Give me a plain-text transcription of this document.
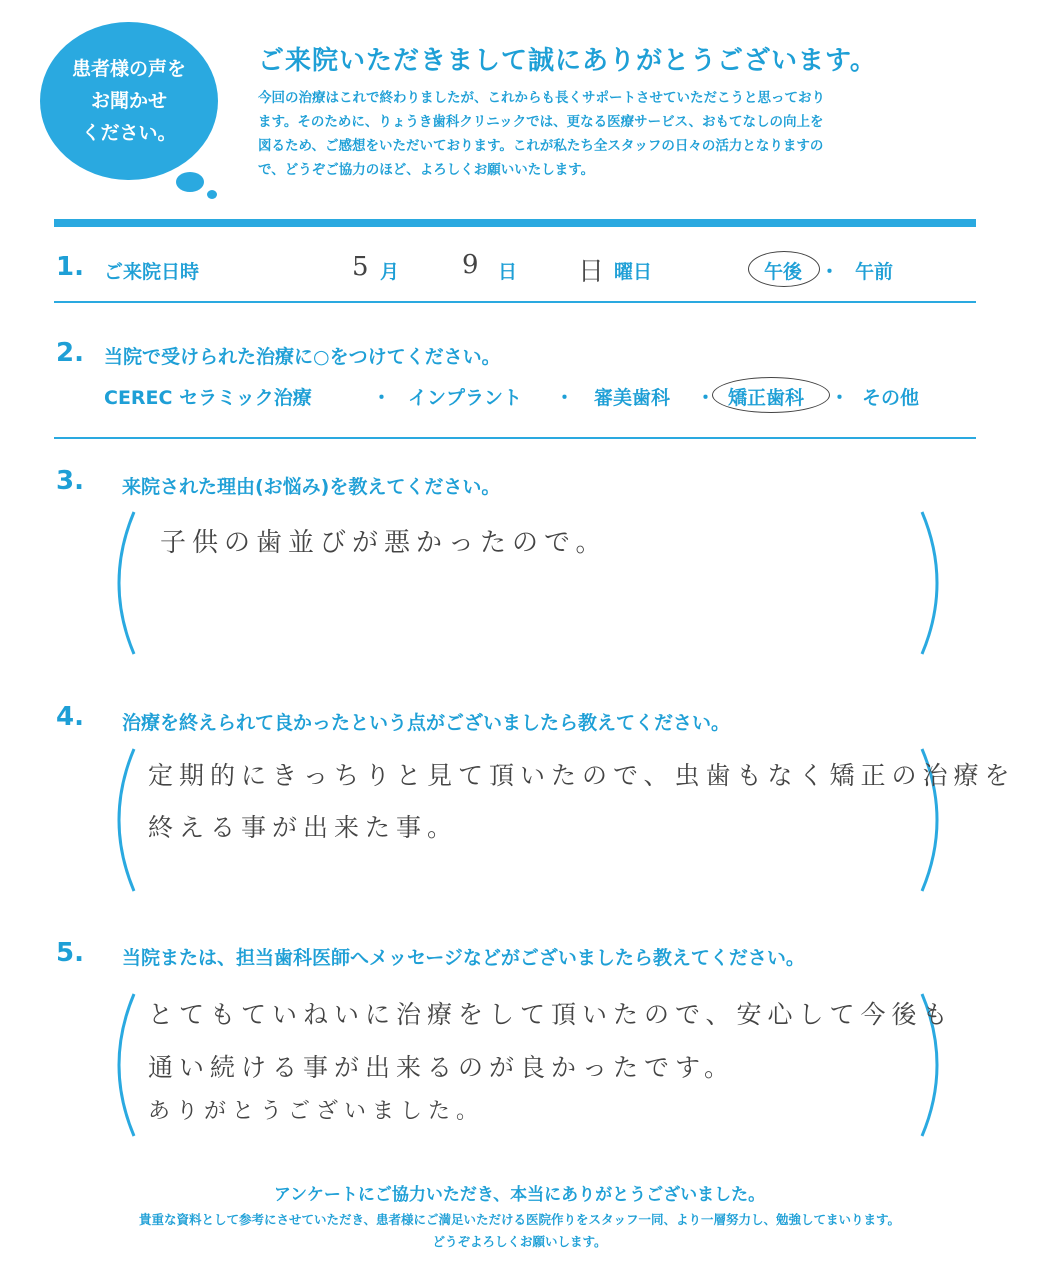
患者様の声を
お聞かせ
ください。
ご来院いただきまして誠にありがとうございます。
今回の治療はこれで終わりましたが、これからも長くサポートさせていただこうと思っており
ます。そのために、りょうき歯科クリニックでは、更なる医療サービス、おもてなしの向上を
図るため、ご感想をいただいております。これが私たち全スタッフの日々の活力となりますの
で、どうぞご協力のほど、よろしくお願いいたします。
1. ご来院日時	5 月 9 日 日 曜日	午後 ・ 午前
2. 当院で受けられた治療に○をつけてください。
CEREC セラミック治療	・ インプラント ・ 審美歯科 ・ 矯正歯科 ・ その他
3. 来院された理由(お悩み)を教えてください。
子供の歯並びが悪かったので。
4. 治療を終えられて良かったという点がございましたら教えてください。
定期的にきっちりと見て頂いたので、虫歯もなく矯正の治療を
終える事が出来た事。
5. 当院または、担当歯科医師へメッセージなどがございましたら教えてください。
とてもていねいに治療をして頂いたので、安心して今後も
通い続ける事が出来るのが良かったです。
ありがとうございました。
アンケートにご協力いただき、本当にありがとうございました。
貴重な資料として参考にさせていただき、患者様にご満足いただける医院作りをスタッフ一同、より一層努力し、勉強してまいります。
どうぞよろしくお願いします。
